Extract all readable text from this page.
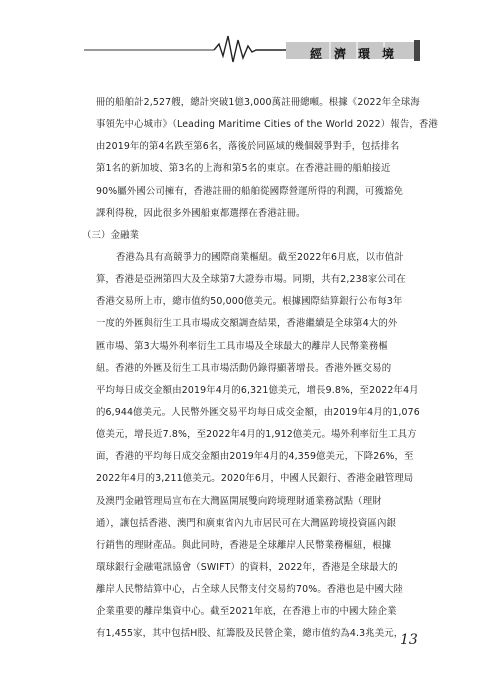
經濟環境
冊的船舶計2,527艘，總計突破1億3,000萬註冊總噸。根據《2022年全球海
事領先中心城市》（Leading Maritime Cities of the World 2022）報告，香港
由2019年的第4名跌至第6名，落後於同區域的幾個競爭對手，包括排名
第1名的新加坡、第3名的上海和第5名的東京。在香港註冊的船舶接近
90%屬外國公司擁有，香港註冊的船舶從國際營運所得的利潤，可獲豁免
課利得稅，因此很多外國船東都選擇在香港註冊。
（三）金融業
香港為具有高競爭力的國際商業樞紐。截至2022年6月底，以市值計
算，香港是亞洲第四大及全球第7大證券市場。同期，共有2,238家公司在
香港交易所上市，總市值約50,000億美元。根據國際結算銀行公布每3年
一度的外匯與衍生工具市場成交額調查結果，香港繼續是全球第4大的外
匯市場、第3大場外利率衍生工具市場及全球最大的離岸人民幣業務樞
紐。香港的外匯及衍生工具市場活動仍錄得顯著增長。香港外匯交易的
平均每日成交金額由2019年4月的6,321億美元，增長9.8%，至2022年4月
的6,944億美元。人民幣外匯交易平均每日成交金額，由2019年4月的1,076
億美元，增長近7.8%，至2022年4月的1,912億美元。場外利率衍生工具方
面，香港的平均每日成交金額由2019年4月的4,359億美元，下降26%，至
2022年4月的3,211億美元。2020年6月，中國人民銀行、香港金融管理局
及澳門金融管理局宣布在大灣區開展雙向跨境理財通業務試點（理財
通），讓包括香港、澳門和廣東省內九市居民可在大灣區跨境投資區內銀
行銷售的理財產品。與此同時，香港是全球離岸人民幣業務樞紐，根據
環球銀行金融電訊協會（SWIFT）的資料，2022年，香港是全球最大的
離岸人民幣結算中心，占全球人民幣支付交易約70%。香港也是中國大陸
企業重要的離岸集資中心。截至2021年底，在香港上市的中國大陸企業
有1,455家，其中包括H股、紅籌股及民營企業，總市值約為4.3兆美元，
13
